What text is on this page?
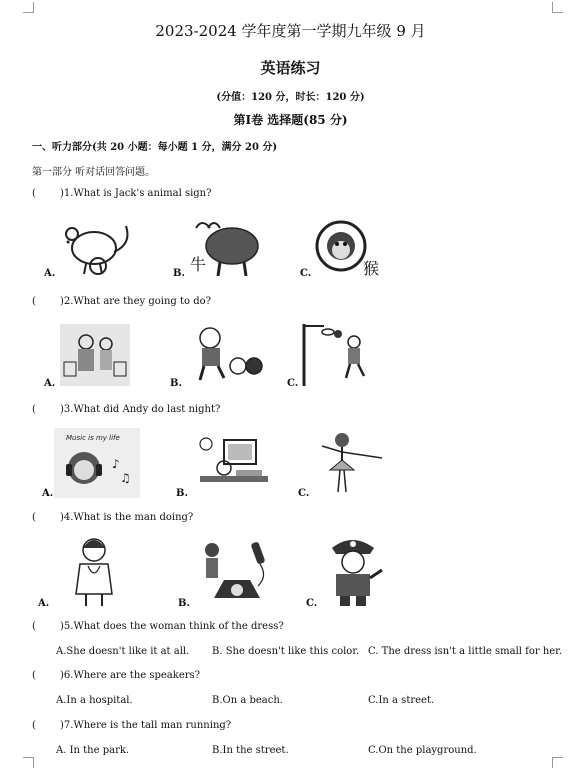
2023-2024 学年度第一学期九年级 9 月
英语练习
(分值：120 分，时长：120 分)
第Ⅰ卷 选择题(85 分)
一、听力部分(共 20 小题：每小题 1 分，满分 20 分)
第一部分 听对话回答问题。
( )1.What is Jack's animal sign?
A.	B. 牛	C.	猴
( )2.What are they going to do?
A.	B.	C.
( )3.What did Andy do last night?
A.
Music is my life
♪
♫
B.	C.
( )4.What is the man doing?
A.	B.	C.
( )5.What does the woman think of the dress?
A.She doesn't like it at all. B. She doesn't like this color. C. The dress isn't a little small for her.
( )6.Where are the speakers?
A.In a hospital.	B.On a beach.	C.In a street.
( )7.Where is the tall man running?
A. In the park.	B.In the street.	C.On the playground.
